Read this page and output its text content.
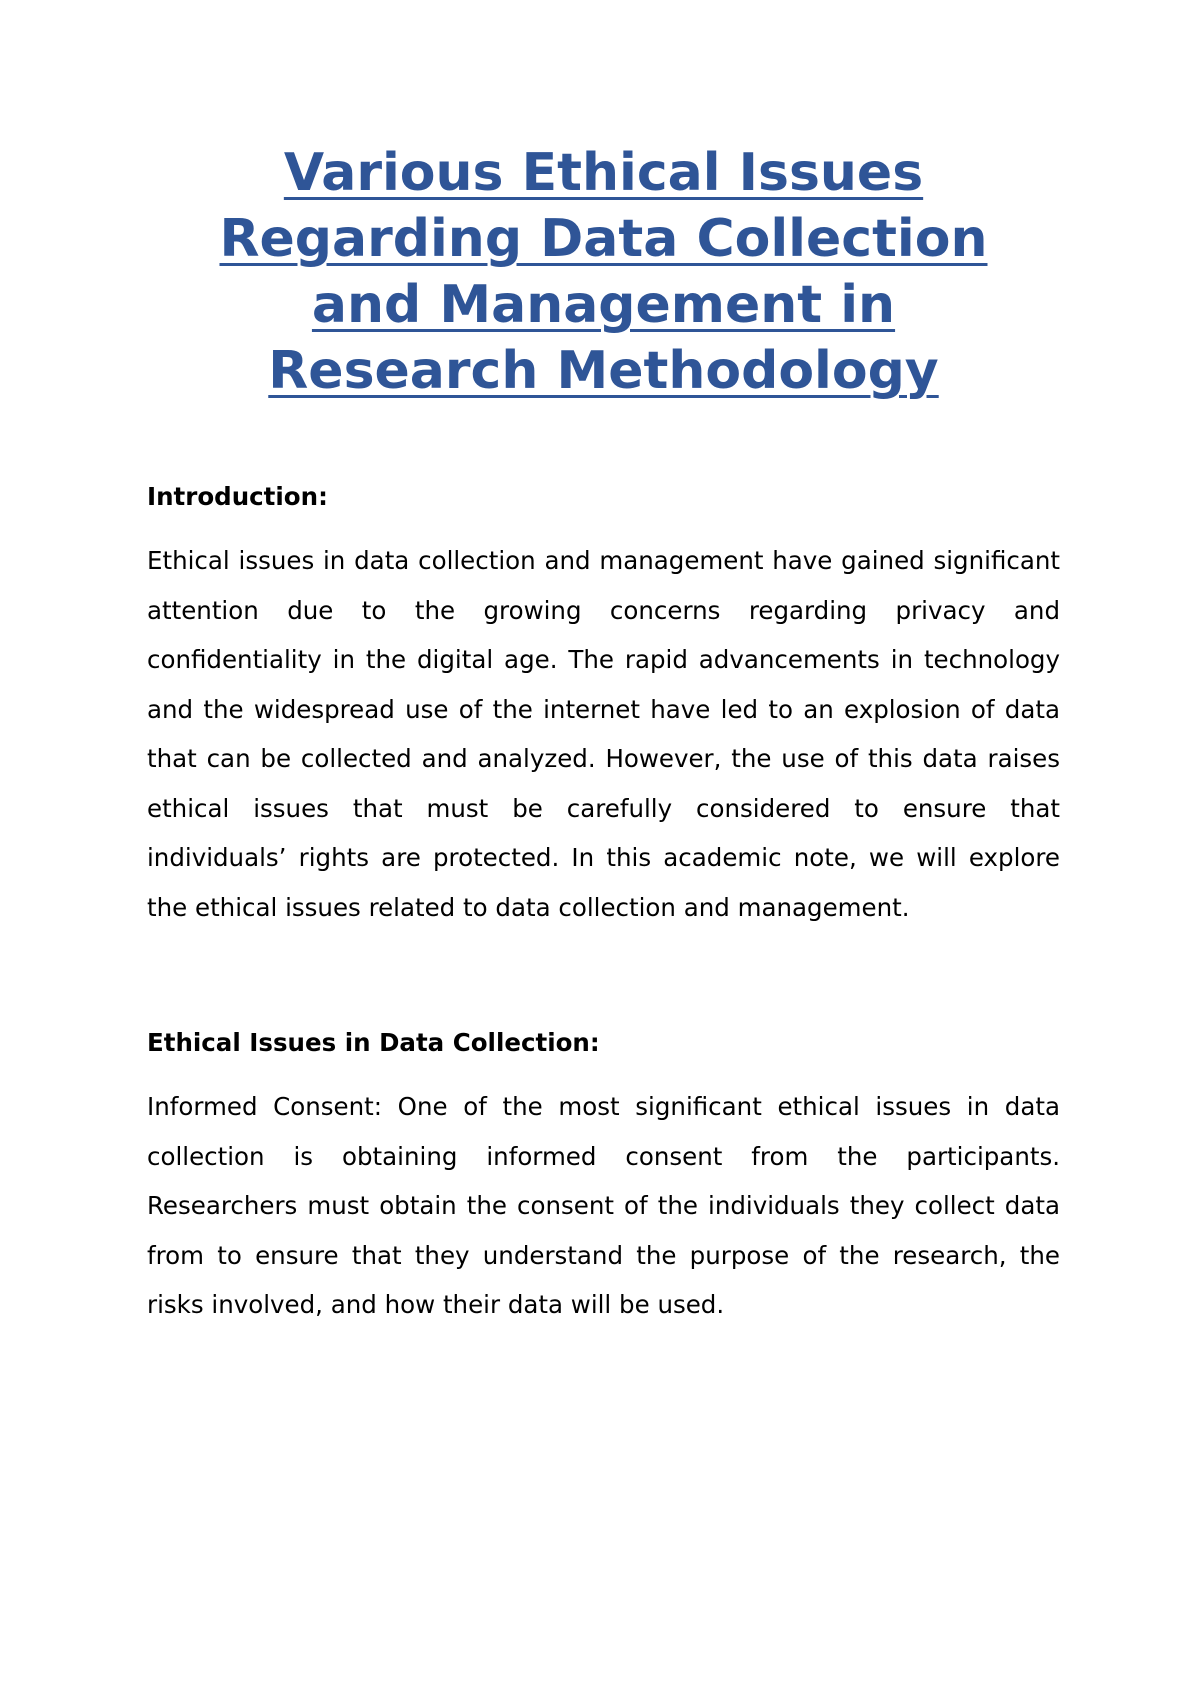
Various Ethical Issues
Regarding Data Collection
and Management in
Research Methodology
Introduction:

Ethical issues in data collection and management have gained significant attention due to the growing concerns regarding privacy and confidentiality in the digital age. The rapid advancements in technology and the widespread use of the internet have led to an explosion of data that can be collected and analyzed. However, the use of this data raises ethical issues that must be carefully considered to ensure that individuals’ rights are protected. In this academic note, we will explore the ethical issues related to data collection and management.

Ethical Issues in Data Collection:

Informed Consent: One of the most significant ethical issues in data collection is obtaining informed consent from the participants. Researchers must obtain the consent of the individuals they collect data from to ensure that they understand the purpose of the research, the risks involved, and how their data will be used.
